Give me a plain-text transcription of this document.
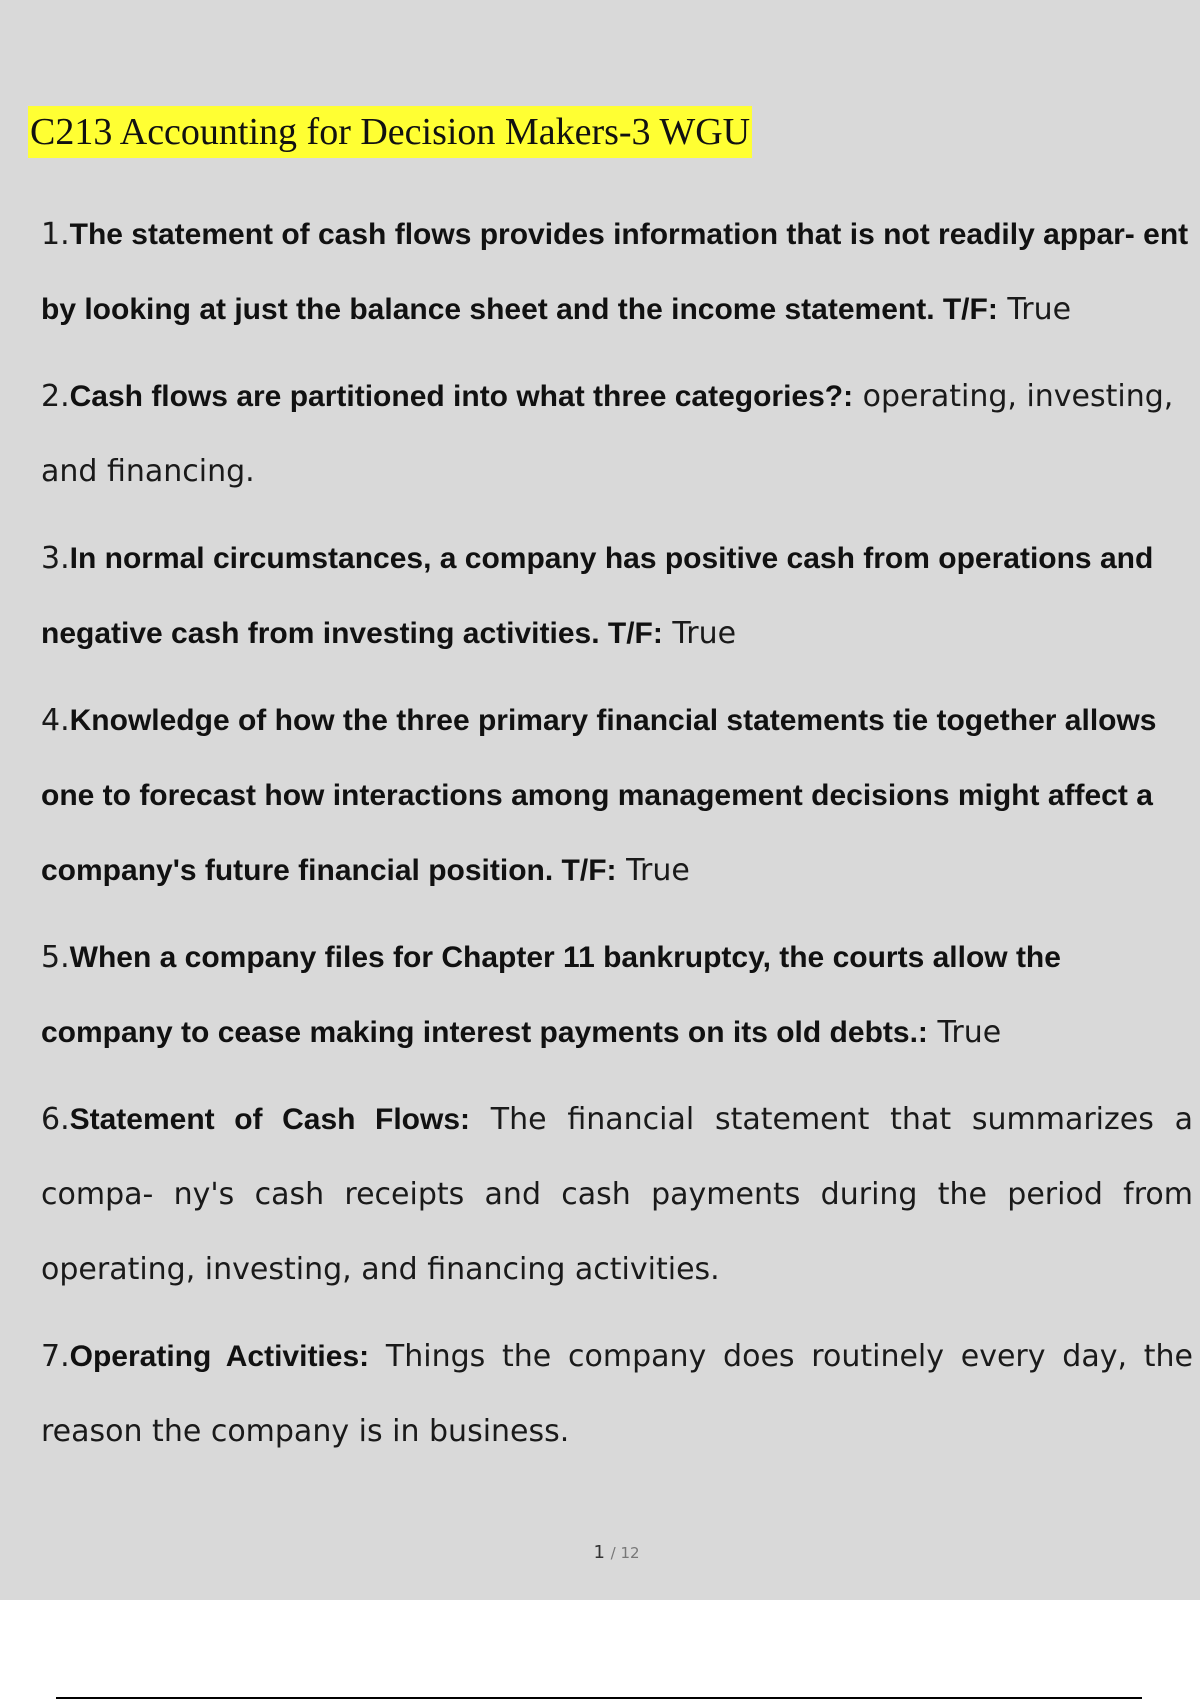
C213 Accounting for Decision Makers-3 WGU
1.The statement of cash flows provides information that is not readily appar- ent by looking at just the balance sheet and the income statement. T/F: True
2.Cash flows are partitioned into what three categories?: operating, investing, and financing.
3.In normal circumstances, a company has positive cash from operations and negative cash from investing activities. T/F: True
4.Knowledge of how the three primary financial statements tie together allows one to forecast how interactions among management decisions might affect a company's future financial position. T/F: True
5.When a company files for Chapter 11 bankruptcy, the courts allow the company to cease making interest payments on its old debts.: True
6.Statement of Cash Flows: The financial statement that summarizes a compa- ny's cash receipts and cash payments during the period from operating, investing, and financing activities.
7.Operating Activities: Things the company does routinely every day, the reason the company is in business.
1 / 12
